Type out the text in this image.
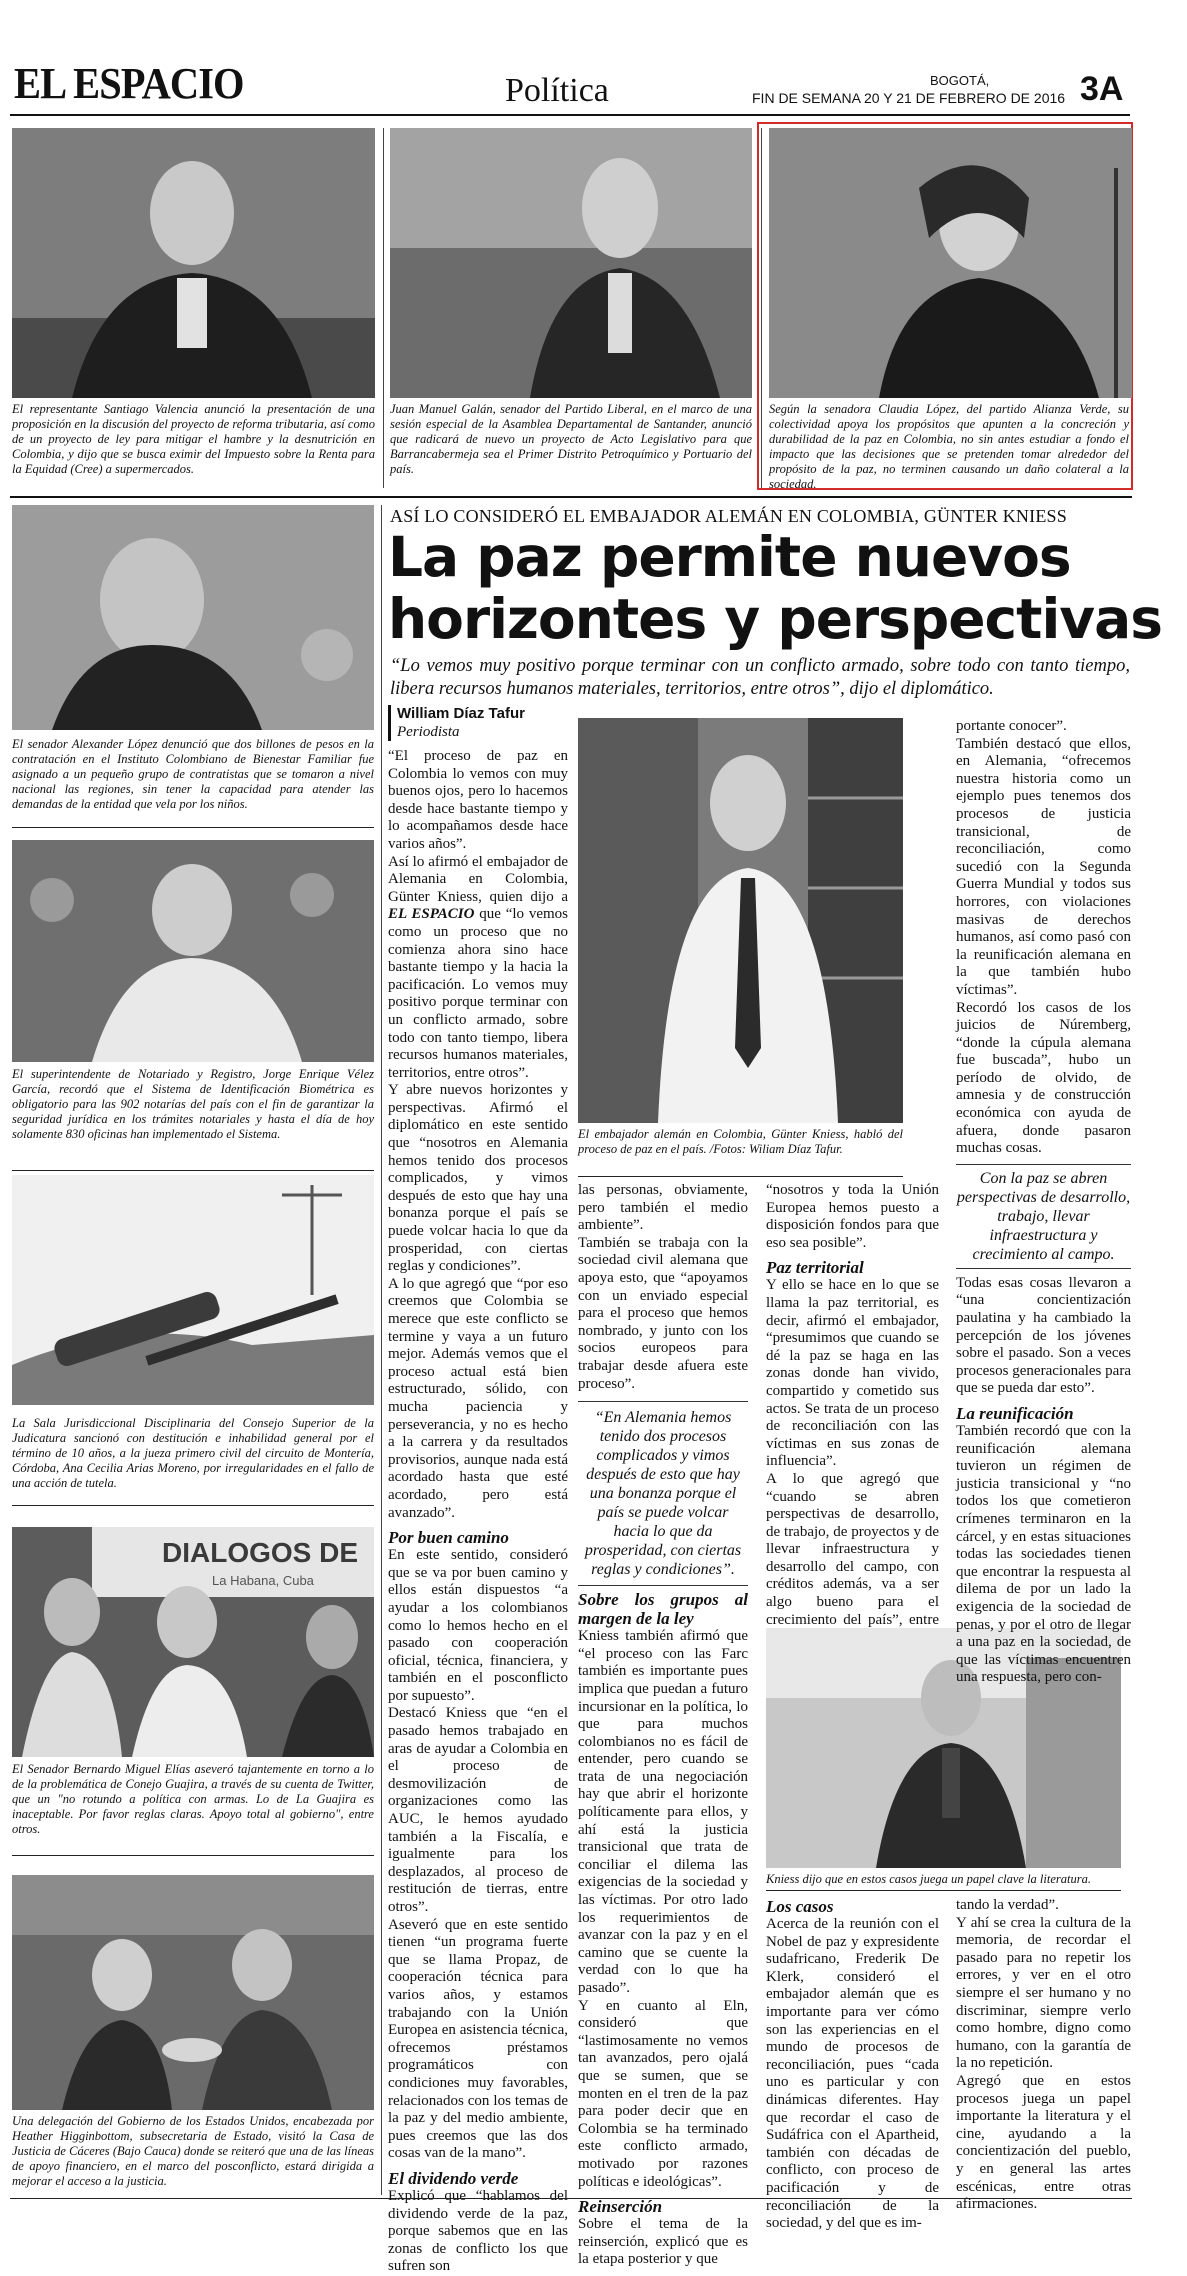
EL ESPACIO	Política	BOGOTÁ,
FIN DE SEMANA 20 Y 21 DE FEBRERO DE 2016 3A
El representante Santiago Valencia anunció la presentación de una proposición en la discusión del proyecto de reforma tributaria, así como de un proyecto de ley para mitigar el hambre y la desnutrición en Colombia, y dijo que se busca eximir del Impuesto sobre la Renta para la Equidad (Cree) a supermercados.
Juan Manuel Galán, senador del Partido Liberal, en el marco de una sesión especial de la Asamblea Departamental de Santander, anunció que radicará de nuevo un proyecto de Acto Legislativo para que Barrancabermeja sea el Primer Distrito Petroquímico y Portuario del país.
Según la senadora Claudia López, del partido Alianza Verde, su colectividad apoya los propósitos que apunten a la concreción y durabilidad de la paz en Colombia, no sin antes estudiar a fondo el impacto que las decisiones que se pretenden tomar alrededor del propósito de la paz, no terminen causando un daño colateral a la sociedad.
El senador Alexander López denunció que dos billones de pesos en la contratación en el Instituto Colombiano de Bienestar Familiar fue asignado a un pequeño grupo de contratistas que se tomaron a nivel nacional las regiones, sin tener la capacidad para atender las demandas de la entidad que vela por los niños.
El superintendente de Notariado y Registro, Jorge Enrique Vélez García, recordó que el Sistema de Identificación Biométrica es obligatorio para las 902 notarías del país con el fin de garantizar la seguridad jurídica en los trámites notariales y hasta el día de hoy solamente 830 oficinas han implementado el Sistema.
La Sala Jurisdiccional Disciplinaria del Consejo Superior de la Judicatura sancionó con destitución e inhabilidad general por el término de 10 años, a la jueza primero civil del circuito de Montería, Córdoba, Ana Cecilia Arias Moreno, por irregularidades en el fallo de una acción de tutela.
DIALOGOS DE
La Habana, Cuba
El Senador Bernardo Miguel Elías aseveró tajantemente en torno a lo de la problemática de Conejo Guajira, a través de su cuenta de Twitter, que un "no rotundo a política con armas. Lo de La Guajira es inaceptable. Por favor reglas claras. Apoyo total al gobierno", entre otros.
Una delegación del Gobierno de los Estados Unidos, encabezada por Heather Higginbottom, subsecretaria de Estado, visitó la Casa de Justicia de Cáceres (Bajo Cauca) donde se reiteró que una de las líneas de apoyo financiero, en el marco del posconflicto, estará dirigida a mejorar el acceso a la justicia.
ASÍ LO CONSIDERÓ EL EMBAJADOR ALEMÁN EN COLOMBIA, GÜNTER KNIESS
La paz permite nuevos
horizontes y perspectivas
“Lo vemos muy positivo porque terminar con un conflicto armado, sobre todo con tanto tiempo, libera recursos humanos materiales, territorios, entre otros”, dijo el diplomático.
William Díaz Tafur
Periodista

“El proceso de paz en Colombia lo vemos con muy buenos ojos, pero lo hacemos desde hace bastante tiempo y lo acompañamos desde hace varios años”.

Así lo afirmó el embajador de Alemania en Colombia, Günter Kniess, quien dijo a EL ESPACIO que “lo vemos como un proceso que no comienza ahora sino hace bastante tiempo y la hacia la pacificación. Lo vemos muy positivo porque terminar con un conflicto armado, sobre todo con tanto tiempo, libera recursos humanos materiales, territorios, entre otros”.

Y abre nuevos horizontes y perspectivas. Afirmó el diplomático en este sentido que “nosotros en Alemania hemos tenido dos procesos complicados, y vimos después de esto que hay una bonanza porque el país se puede volcar hacia lo que da prosperidad, con ciertas reglas y condiciones”.

A lo que agregó que “por eso creemos que Colombia se merece que este conflicto se termine y vaya a un futuro mejor. Además vemos que el proceso actual está bien estructurado, sólido, con mucha paciencia y perseverancia, y no es hecho a la carrera y da resultados provisorios, aunque nada está acordado hasta que esté acordado, pero está avanzado”.

Por buen camino

En este sentido, consideró que se va por buen camino y ellos están dispuestos “a ayudar a los colombianos como lo hemos hecho en el pasado con cooperación oficial, técnica, financiera, y también en el posconflicto por supuesto”.

Destacó Kniess que “en el pasado hemos trabajado en aras de ayudar a Colombia en el proceso de desmovilización de organizaciones como las AUC, le hemos ayudado también a la Fiscalía, e igualmente para los desplazados, al proceso de restitución de tierras, entre otros”.

Aseveró que en este sentido tienen “un programa fuerte que se llama Propaz, de cooperación técnica para varios años, y estamos trabajando con la Unión Europea en asistencia técnica, ofrecemos préstamos programáticos con condiciones muy favorables, relacionados con los temas de la paz y del medio ambiente, pues creemos que las dos cosas van de la mano”.

El dividendo verde

Explicó que “hablamos del dividendo verde de la paz, porque sabemos que en las zonas de conflicto los que sufren son

El embajador alemán en Colombia, Günter Kniess, habló del proceso de paz en el país. /Fotos: Wiliam Díaz Tafur.

las personas, obviamente, pero también el medio ambiente”.

También se trabaja con la sociedad civil alemana que apoya esto, que “apoyamos con un enviado especial para el proceso que hemos nombrado, y junto con los socios europeos para trabajar desde afuera este proceso”.

“En Alemania hemos tenido dos procesos complicados y vimos después de esto que hay una bonanza porque el país se puede volcar hacia lo que da prosperidad, con ciertas reglas y condiciones”.

Sobre los grupos al margen de la ley

Kniess también afirmó que “el proceso con las Farc también es importante pues implica que puedan a futuro incursionar en la política, lo que para muchos colombianos no es fácil de entender, pero cuando se trata de una negociación hay que abrir el horizonte políticamente para ellos, y ahí está la justicia transicional que trata de conciliar el dilema las exigencias de la sociedad y las víctimas. Por otro lado los requerimientos de avanzar con la paz y en el camino que se cuente la verdad con lo que ha pasado”.

Y en cuanto al Eln, consideró que “lastimosamente no vemos tan avanzados, pero ojalá que se sumen, que se monten en el tren de la paz para poder decir que en Colombia se ha terminado este conflicto armado, motivado por razones políticas e ideológicas”.

Reinserción

Sobre el tema de la reinserción, explicó que es la etapa posterior y que

“nosotros y toda la Unión Europea hemos puesto a disposición fondos para que eso sea posible”.

Paz territorial

Y ello se hace en lo que se llama la paz territorial, es decir, afirmó el embajador, “presumimos que cuando se dé la paz se haga en las zonas donde han vivido, compartido y cometido sus actos. Se trata de un proceso de reconciliación con las víctimas en sus zonas de influencia”.

A lo que agregó que “cuando se abren perspectivas de desarrollo, de trabajo, de proyectos y de llevar infraestructura y desarrollo del campo, con créditos además, va a ser algo bueno para el crecimiento del país”, entre

Kniess dijo que en estos casos juega un papel clave la literatura.

Los casos

Acerca de la reunión con el Nobel de paz y expresidente sudafricano, Frederik De Klerk, consideró el embajador alemán que es importante para ver cómo son las experiencias en el mundo de procesos de reconciliación, pues “cada uno es particular y con dinámicas diferentes. Hay que recordar el caso de Sudáfrica con el Apartheid, también con décadas de conflicto, con proceso de pacificación y de reconciliación de la sociedad, y del que es im-

portante conocer”.

También destacó que ellos, en Alemania, “ofrecemos nuestra historia como un ejemplo pues tenemos dos procesos de justicia transicional, de reconciliación, como sucedió con la Segunda Guerra Mundial y todos sus horrores, con violaciones masivas de derechos humanos, así como pasó con la reunificación alemana en la que también hubo víctimas”.

Recordó los casos de los juicios de Núremberg, “donde la cúpula alemana fue buscada”, hubo un período de olvido, de amnesia y de construcción económica con ayuda de afuera, donde pasaron muchas cosas.

Con la paz se abren perspectivas de desarrollo, trabajo, llevar infraestructura y crecimiento al campo.

Todas esas cosas llevaron a “una concientización paulatina y ha cambiado la percepción de los jóvenes sobre el pasado. Son a veces procesos generacionales para que se pueda dar esto”.

La reunificación

También recordó que con la reunificación alemana tuvieron un régimen de justicia transicional y “no todos los que cometieron crímenes terminaron en la cárcel, y en estas situaciones todas las sociedades tienen que encontrar la respuesta al dilema de por un lado la exigencia de la sociedad de penas, y por el otro de llegar a una paz en la sociedad, de que las víctimas encuentren una respuesta, pero con-

tando la verdad”.

Y ahí se crea la cultura de la memoria, de recordar el pasado para no repetir los errores, y ver en el otro siempre el ser humano y no discriminar, siempre verlo como hombre, digno como humano, con la garantía de la no repetición.

Agregó que en estos procesos juega un papel importante la literatura y el cine, ayudando a la concientización del pueblo, y en general las artes escénicas, entre otras afirmaciones.
